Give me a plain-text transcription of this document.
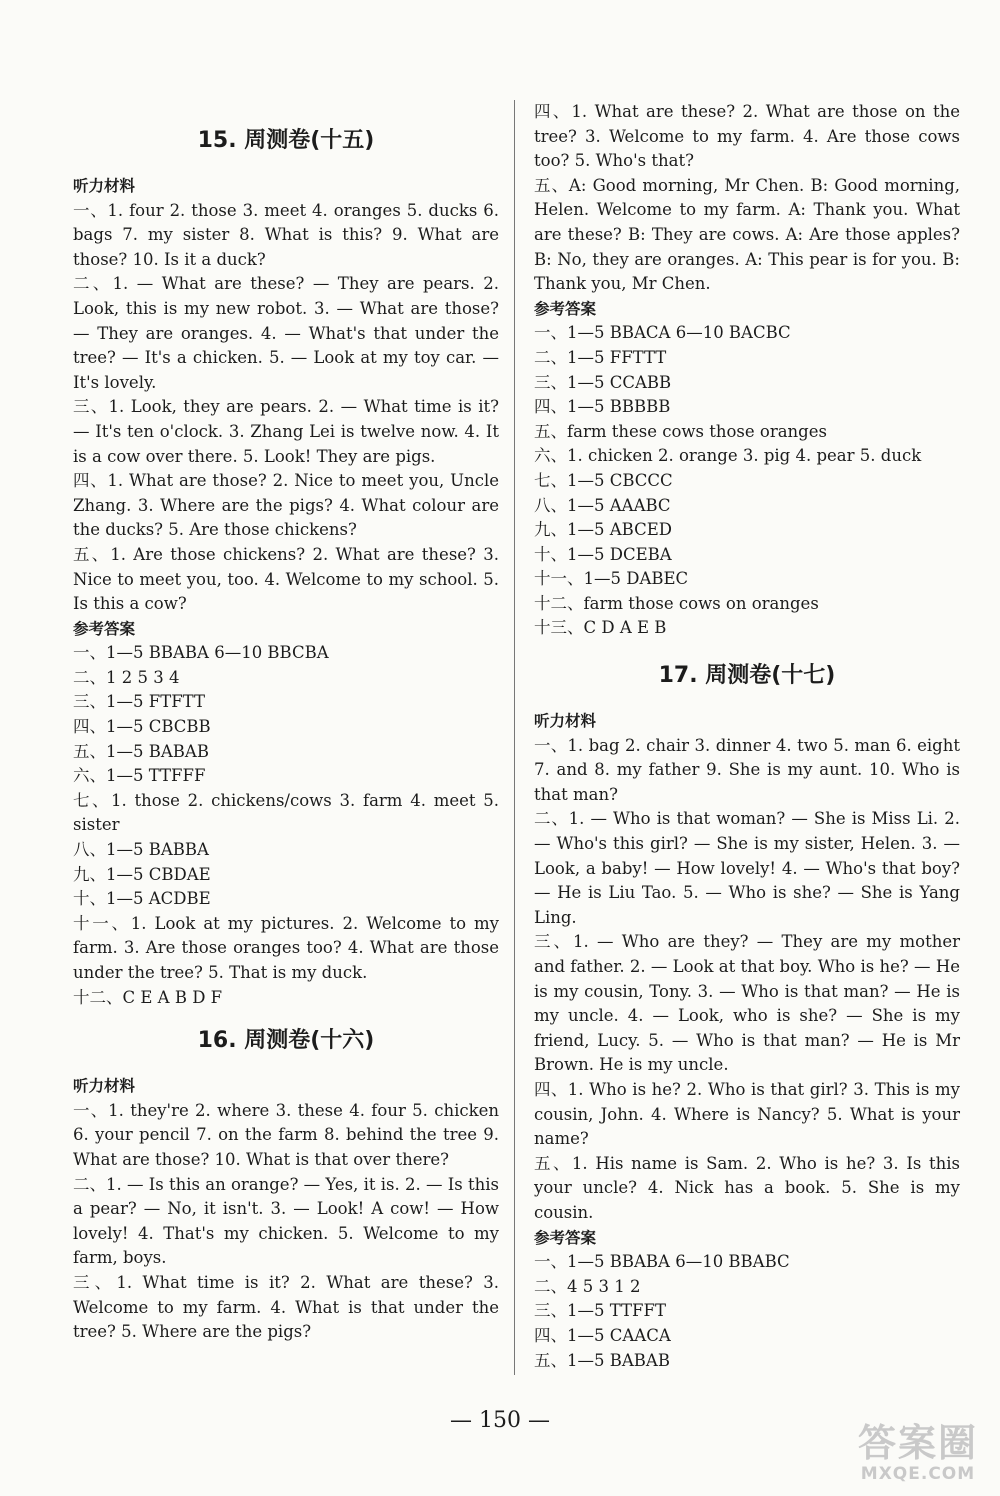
15. 周测卷(十五)

听力材料

一、1. four 2. those 3. meet 4. oranges 5. ducks 6. bags 7. my sister 8. What is this? 9. What are those? 10. Is it a duck?

二、1. — What are these? — They are pears. 2. Look, this is my new robot. 3. — What are those? — They are oranges. 4. — What's that under the tree? — It's a chicken. 5. — Look at my toy car. — It's lovely.

三、1. Look, they are pears. 2. — What time is it? — It's ten o'clock. 3. Zhang Lei is twelve now. 4. It is a cow over there. 5. Look! They are pigs.

四、1. What are those? 2. Nice to meet you, Uncle Zhang. 3. Where are the pigs? 4. What colour are the ducks? 5. Are those chickens?

五、1. Are those chickens? 2. What are these? 3. Nice to meet you, too. 4. Welcome to my school. 5. Is this a cow?

参考答案

一、1—5 BBABA 6—10 BBCBA

二、1 2 5 3 4

三、1—5 FTFTT

四、1—5 CBCBB

五、1—5 BABAB

六、1—5 TTFFF

七、1. those 2. chickens/cows 3. farm 4. meet 5. sister

八、1—5 BABBA

九、1—5 CBDAE

十、1—5 ACDBE

十一、1. Look at my pictures. 2. Welcome to my farm. 3. Are those oranges too? 4. What are those under the tree? 5. That is my duck.

十二、C E A B D F

16. 周测卷(十六)

听力材料

一、1. they're 2. where 3. these 4. four 5. chicken 6. your pencil 7. on the farm 8. behind the tree 9. What are those? 10. What is that over there?

二、1. — Is this an orange? — Yes, it is. 2. — Is this a pear? — No, it isn't. 3. — Look! A cow! — How lovely! 4. That's my chicken. 5. Welcome to my farm, boys.

三、1. What time is it? 2. What are these? 3. Welcome to my farm. 4. What is that under the tree? 5. Where are the pigs?

四、1. What are these? 2. What are those on the tree? 3. Welcome to my farm. 4. Are those cows too? 5. Who's that?

五、A: Good morning, Mr Chen. B: Good morning, Helen. Welcome to my farm. A: Thank you. What are these? B: They are cows. A: Are those apples? B: No, they are oranges. A: This pear is for you. B: Thank you, Mr Chen.

参考答案

一、1—5 BBACA 6—10 BACBC

二、1—5 FFTTT

三、1—5 CCABB

四、1—5 BBBBB

五、farm these cows those oranges

六、1. chicken 2. orange 3. pig 4. pear 5. duck

七、1—5 CBCCC

八、1—5 AAABC

九、1—5 ABCED

十、1—5 DCEBA

十一、1—5 DABEC

十二、farm those cows on oranges

十三、C D A E B

17. 周测卷(十七)

听力材料

一、1. bag 2. chair 3. dinner 4. two 5. man 6. eight 7. and 8. my father 9. She is my aunt. 10. Who is that man?

二、1. — Who is that woman? — She is Miss Li. 2. — Who's this girl? — She is my sister, Helen. 3. — Look, a baby! — How lovely! 4. — Who's that boy? — He is Liu Tao. 5. — Who is she? — She is Yang Ling.

三、1. — Who are they? — They are my mother and father. 2. — Look at that boy. Who is he? — He is my cousin, Tony. 3. — Who is that man? — He is my uncle. 4. — Look, who is she? — She is my friend, Lucy. 5. — Who is that man? — He is Mr Brown. He is my uncle.

四、1. Who is he? 2. Who is that girl? 3. This is my cousin, John. 4. Where is Nancy? 5. What is your name?

五、1. His name is Sam. 2. Who is he? 3. Is this your uncle? 4. Nick has a book. 5. She is my cousin.

参考答案

一、1—5 BBABA 6—10 BBABC

二、4 5 3 1 2

三、1—5 TTFFT

四、1—5 CAACA

五、1—5 BABAB

— 150 —
答案圈
MXQE.COM
